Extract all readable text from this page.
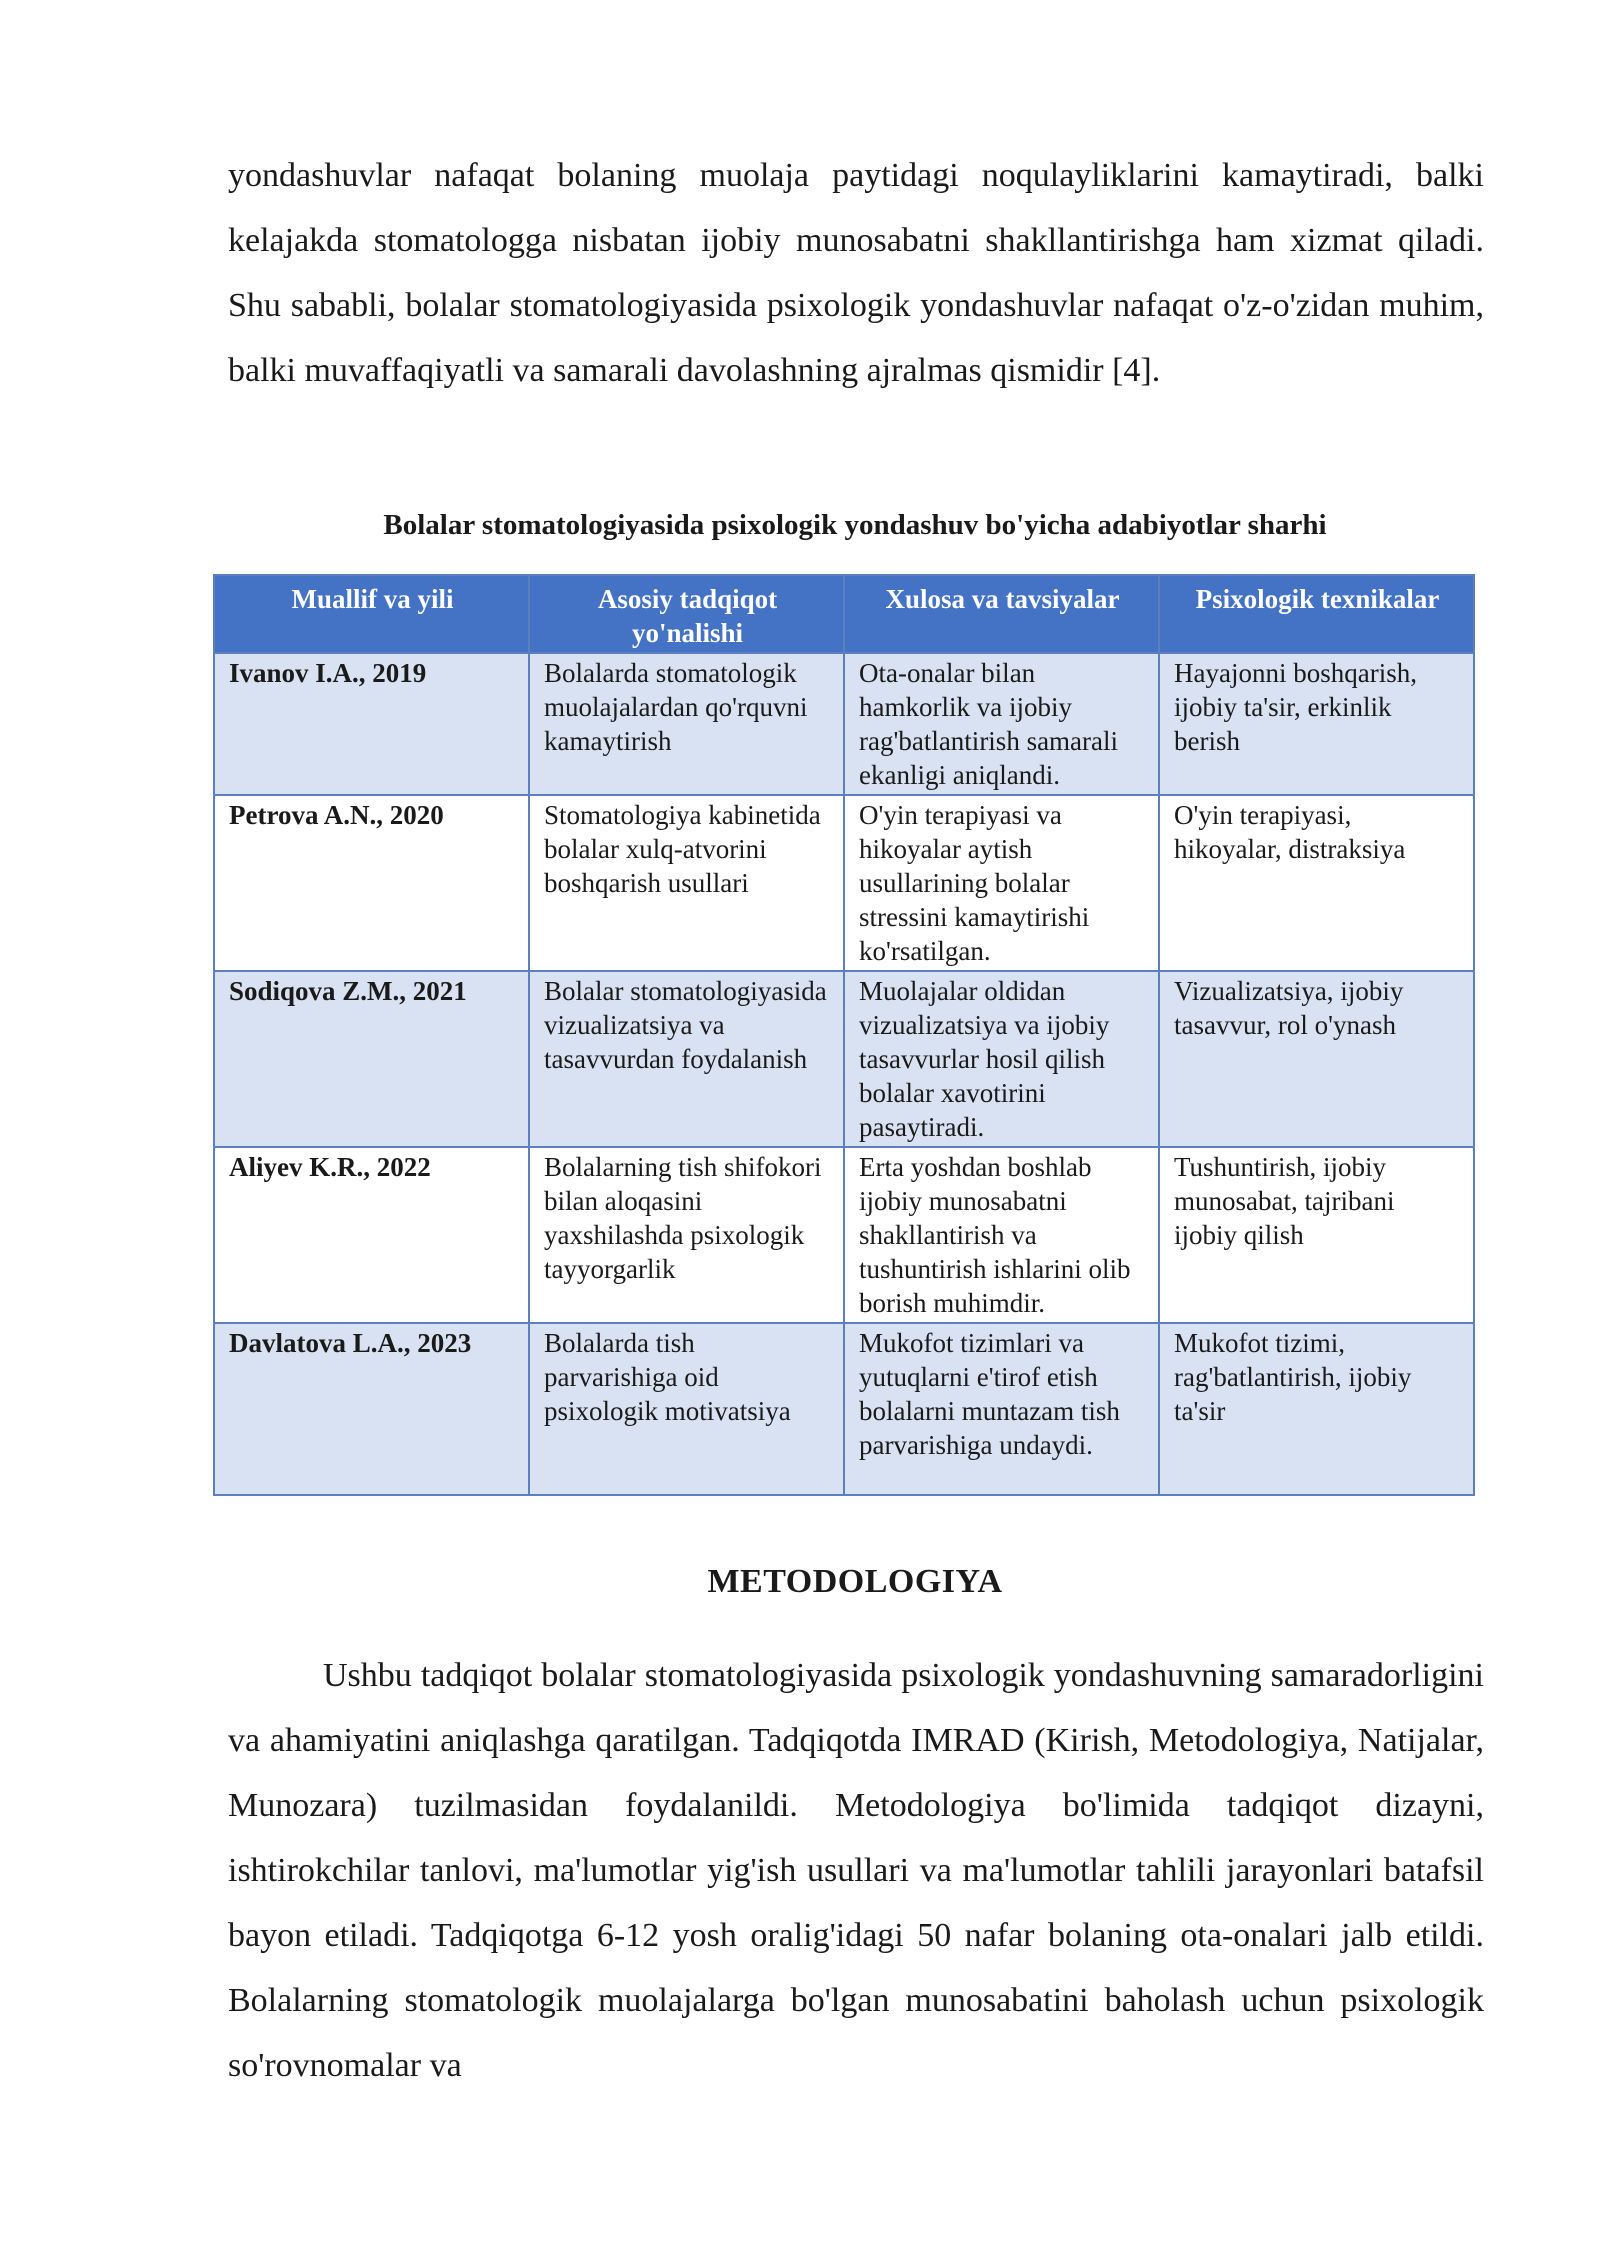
yondashuvlar nafaqat bolaning muolaja paytidagi noqulayliklarini kamaytiradi, balki kelajakda stomatologga nisbatan ijobiy munosabatni shakllantirishga ham xizmat qiladi. Shu sababli, bolalar stomatologiyasida psixologik yondashuvlar nafaqat o'z-o'zidan muhim, balki muvaffaqiyatli va samarali davolashning ajralmas qismidir [4].

Bolalar stomatologiyasida psixologik yondashuv bo'yicha adabiyotlar sharhi

Muallif va yili	Asosiy tadqiqot yo'nalishi	Xulosa va tavsiyalar	Psixologik texnikalar
Ivanov I.A., 2019	Bolalarda stomatologik muolajalardan qo'rquvni kamaytirish	Ota-onalar bilan hamkorlik va ijobiy rag'batlantirish samarali ekanligi aniqlandi.	Hayajonni boshqarish, ijobiy ta'sir, erkinlik berish
Petrova A.N., 2020	Stomatologiya kabinetida bolalar xulq-atvorini boshqarish usullari	O'yin terapiyasi va hikoyalar aytish usullarining bolalar stressini kamaytirishi ko'rsatilgan.	O'yin terapiyasi, hikoyalar, distraksiya
Sodiqova Z.M., 2021	Bolalar stomatologiyasida vizualizatsiya va tasavvurdan foydalanish	Muolajalar oldidan vizualizatsiya va ijobiy tasavvurlar hosil qilish bolalar xavotirini pasaytiradi.	Vizualizatsiya, ijobiy tasavvur, rol o'ynash
Aliyev K.R., 2022	Bolalarning tish shifokori bilan aloqasini yaxshilashda psixologik tayyorgarlik	Erta yoshdan boshlab ijobiy munosabatni shakllantirish va tushuntirish ishlarini olib borish muhimdir.	Tushuntirish, ijobiy munosabat, tajribani ijobiy qilish
Davlatova L.A., 2023	Bolalarda tish parvarishiga oid psixologik motivatsiya	Mukofot tizimlari va yutuqlarni e'tirof etish bolalarni muntazam tish parvarishiga undaydi.	Mukofot tizimi, rag'batlantirish, ijobiy ta'sir
METODOLOGIYA

Ushbu tadqiqot bolalar stomatologiyasida psixologik yondashuvning samaradorligini va ahamiyatini aniqlashga qaratilgan. Tadqiqotda IMRAD (Kirish, Metodologiya, Natijalar, Munozara) tuzilmasidan foydalanildi. Metodologiya bo'limida tadqiqot dizayni, ishtirokchilar tanlovi, ma'lumotlar yig'ish usullari va ma'lumotlar tahlili jarayonlari batafsil bayon etiladi. Tadqiqotga 6-12 yosh oralig'idagi 50 nafar bolaning ota-onalari jalb etildi. Bolalarning stomatologik muolajalarga bo'lgan munosabatini baholash uchun psixologik so'rovnomalar va
